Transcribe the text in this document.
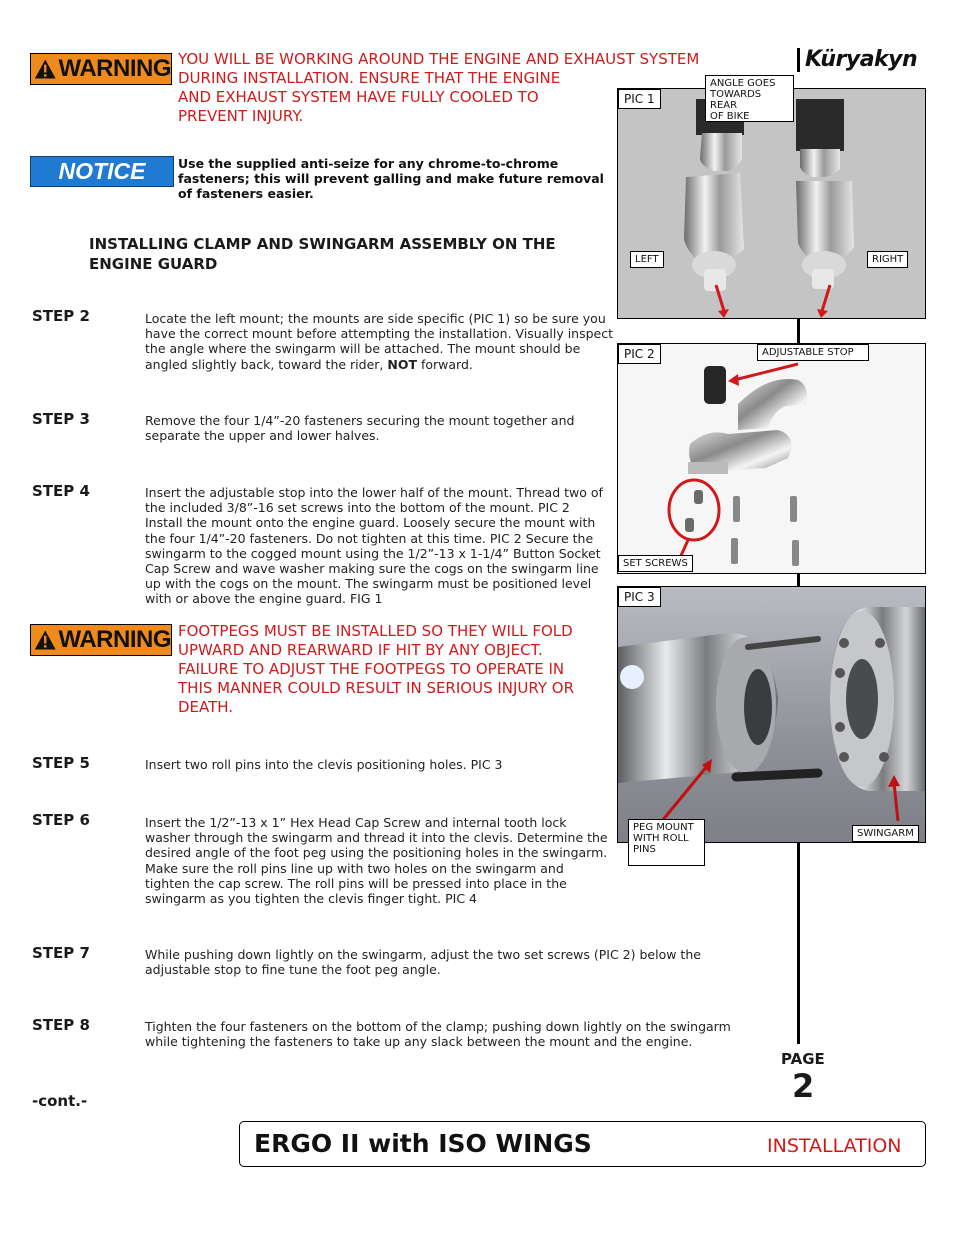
WARNING YOU WILL BE WORKING AROUND THE ENGINE AND EXHAUST SYSTEM
DURING INSTALLATION. ENSURE THAT THE ENGINE
AND EXHAUST SYSTEM HAVE FULLY COOLED TO
PREVENT INJURY.
NOTICE	Use the supplied anti-seize for any chrome-to-chrome
fasteners; this will prevent galling and make future removal
of fasteners easier.
INSTALLING CLAMP AND SWINGARM ASSEMBLY ON THE
ENGINE GUARD
STEP 2	Locate the left mount; the mounts are side specific (PIC 1) so be sure you
have the correct mount before attempting the installation. Visually inspect
the angle where the swingarm will be attached. The mount should be
angled slightly back, toward the rider, NOT forward.
STEP 3	Remove the four 1/4”-20 fasteners securing the mount together and
separate the upper and lower halves.
STEP 4	Insert the adjustable stop into the lower half of the mount. Thread two of
the included 3/8”-16 set screws into the bottom of the mount. PIC 2
Install the mount onto the engine guard. Loosely secure the mount with
the four 1/4”-20 fasteners. Do not tighten at this time. PIC 2 Secure the
swingarm to the cogged mount using the 1/2”-13 x 1-1/4” Button Socket
Cap Screw and wave washer making sure the cogs on the swingarm line
up with the cogs on the mount. The swingarm must be positioned level
with or above the engine guard. FIG 1
WARNING FOOTPEGS MUST BE INSTALLED SO THEY WILL FOLD
UPWARD AND REARWARD IF HIT BY ANY OBJECT.
FAILURE TO ADJUST THE FOOTPEGS TO OPERATE IN
THIS MANNER COULD RESULT IN SERIOUS INJURY OR
DEATH.
STEP 5	Insert two roll pins into the clevis positioning holes. PIC 3
STEP 6	Insert the 1/2”-13 x 1” Hex Head Cap Screw and internal tooth lock
washer through the swingarm and thread it into the clevis. Determine the
desired angle of the foot peg using the positioning holes in the swingarm.
Make sure the roll pins line up with two holes on the swingarm and
tighten the cap screw. The roll pins will be pressed into place in the
swingarm as you tighten the clevis finger tight. PIC 4
STEP 7	While pushing down lightly on the swingarm, adjust the two set screws (PIC 2) below the
adjustable stop to fine tune the foot peg angle.
STEP 8	Tighten the four fasteners on the bottom of the clamp; pushing down lightly on the swingarm
while tightening the fasteners to take up any slack between the mount and the engine.
Küryakyn
PIC 1
LEFT	RIGHT
ANGLE GOES
TOWARDS REAR
OF BIKE
PIC 2	ADJUSTABLE STOP
SET SCREWS
PIC 3
SWINGARM
PEG MOUNT
WITH ROLL
PINS
PAGE
2
-cont.-
ERGO II with ISO WINGS	INSTALLATION
